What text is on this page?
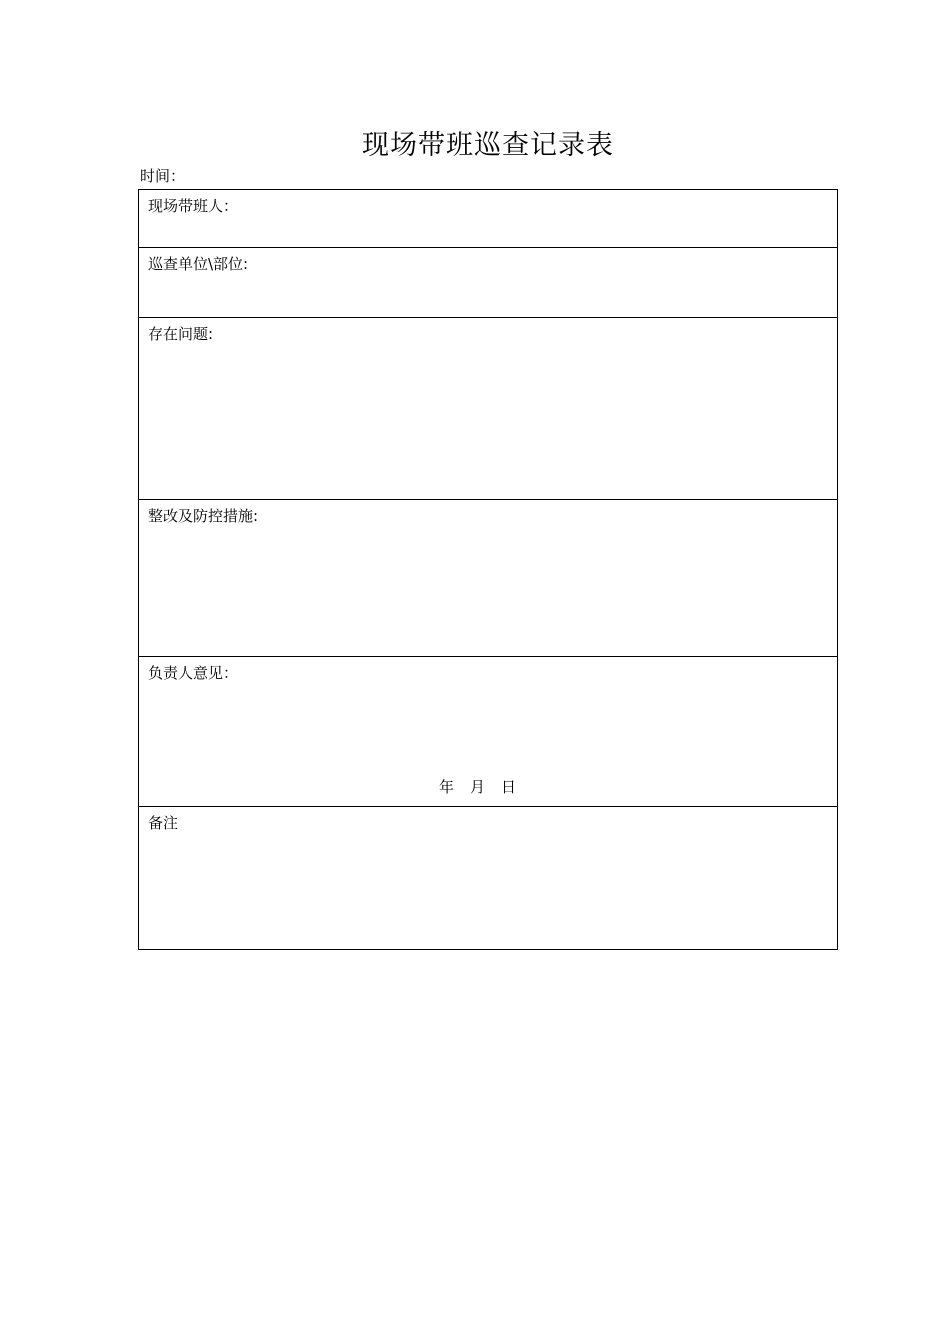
现场带班巡查记录表
时间：
现场带班人：
巡查单位\部位:
存在问题:
整改及防控措施:
负责人意见：
年 月 日
备注
